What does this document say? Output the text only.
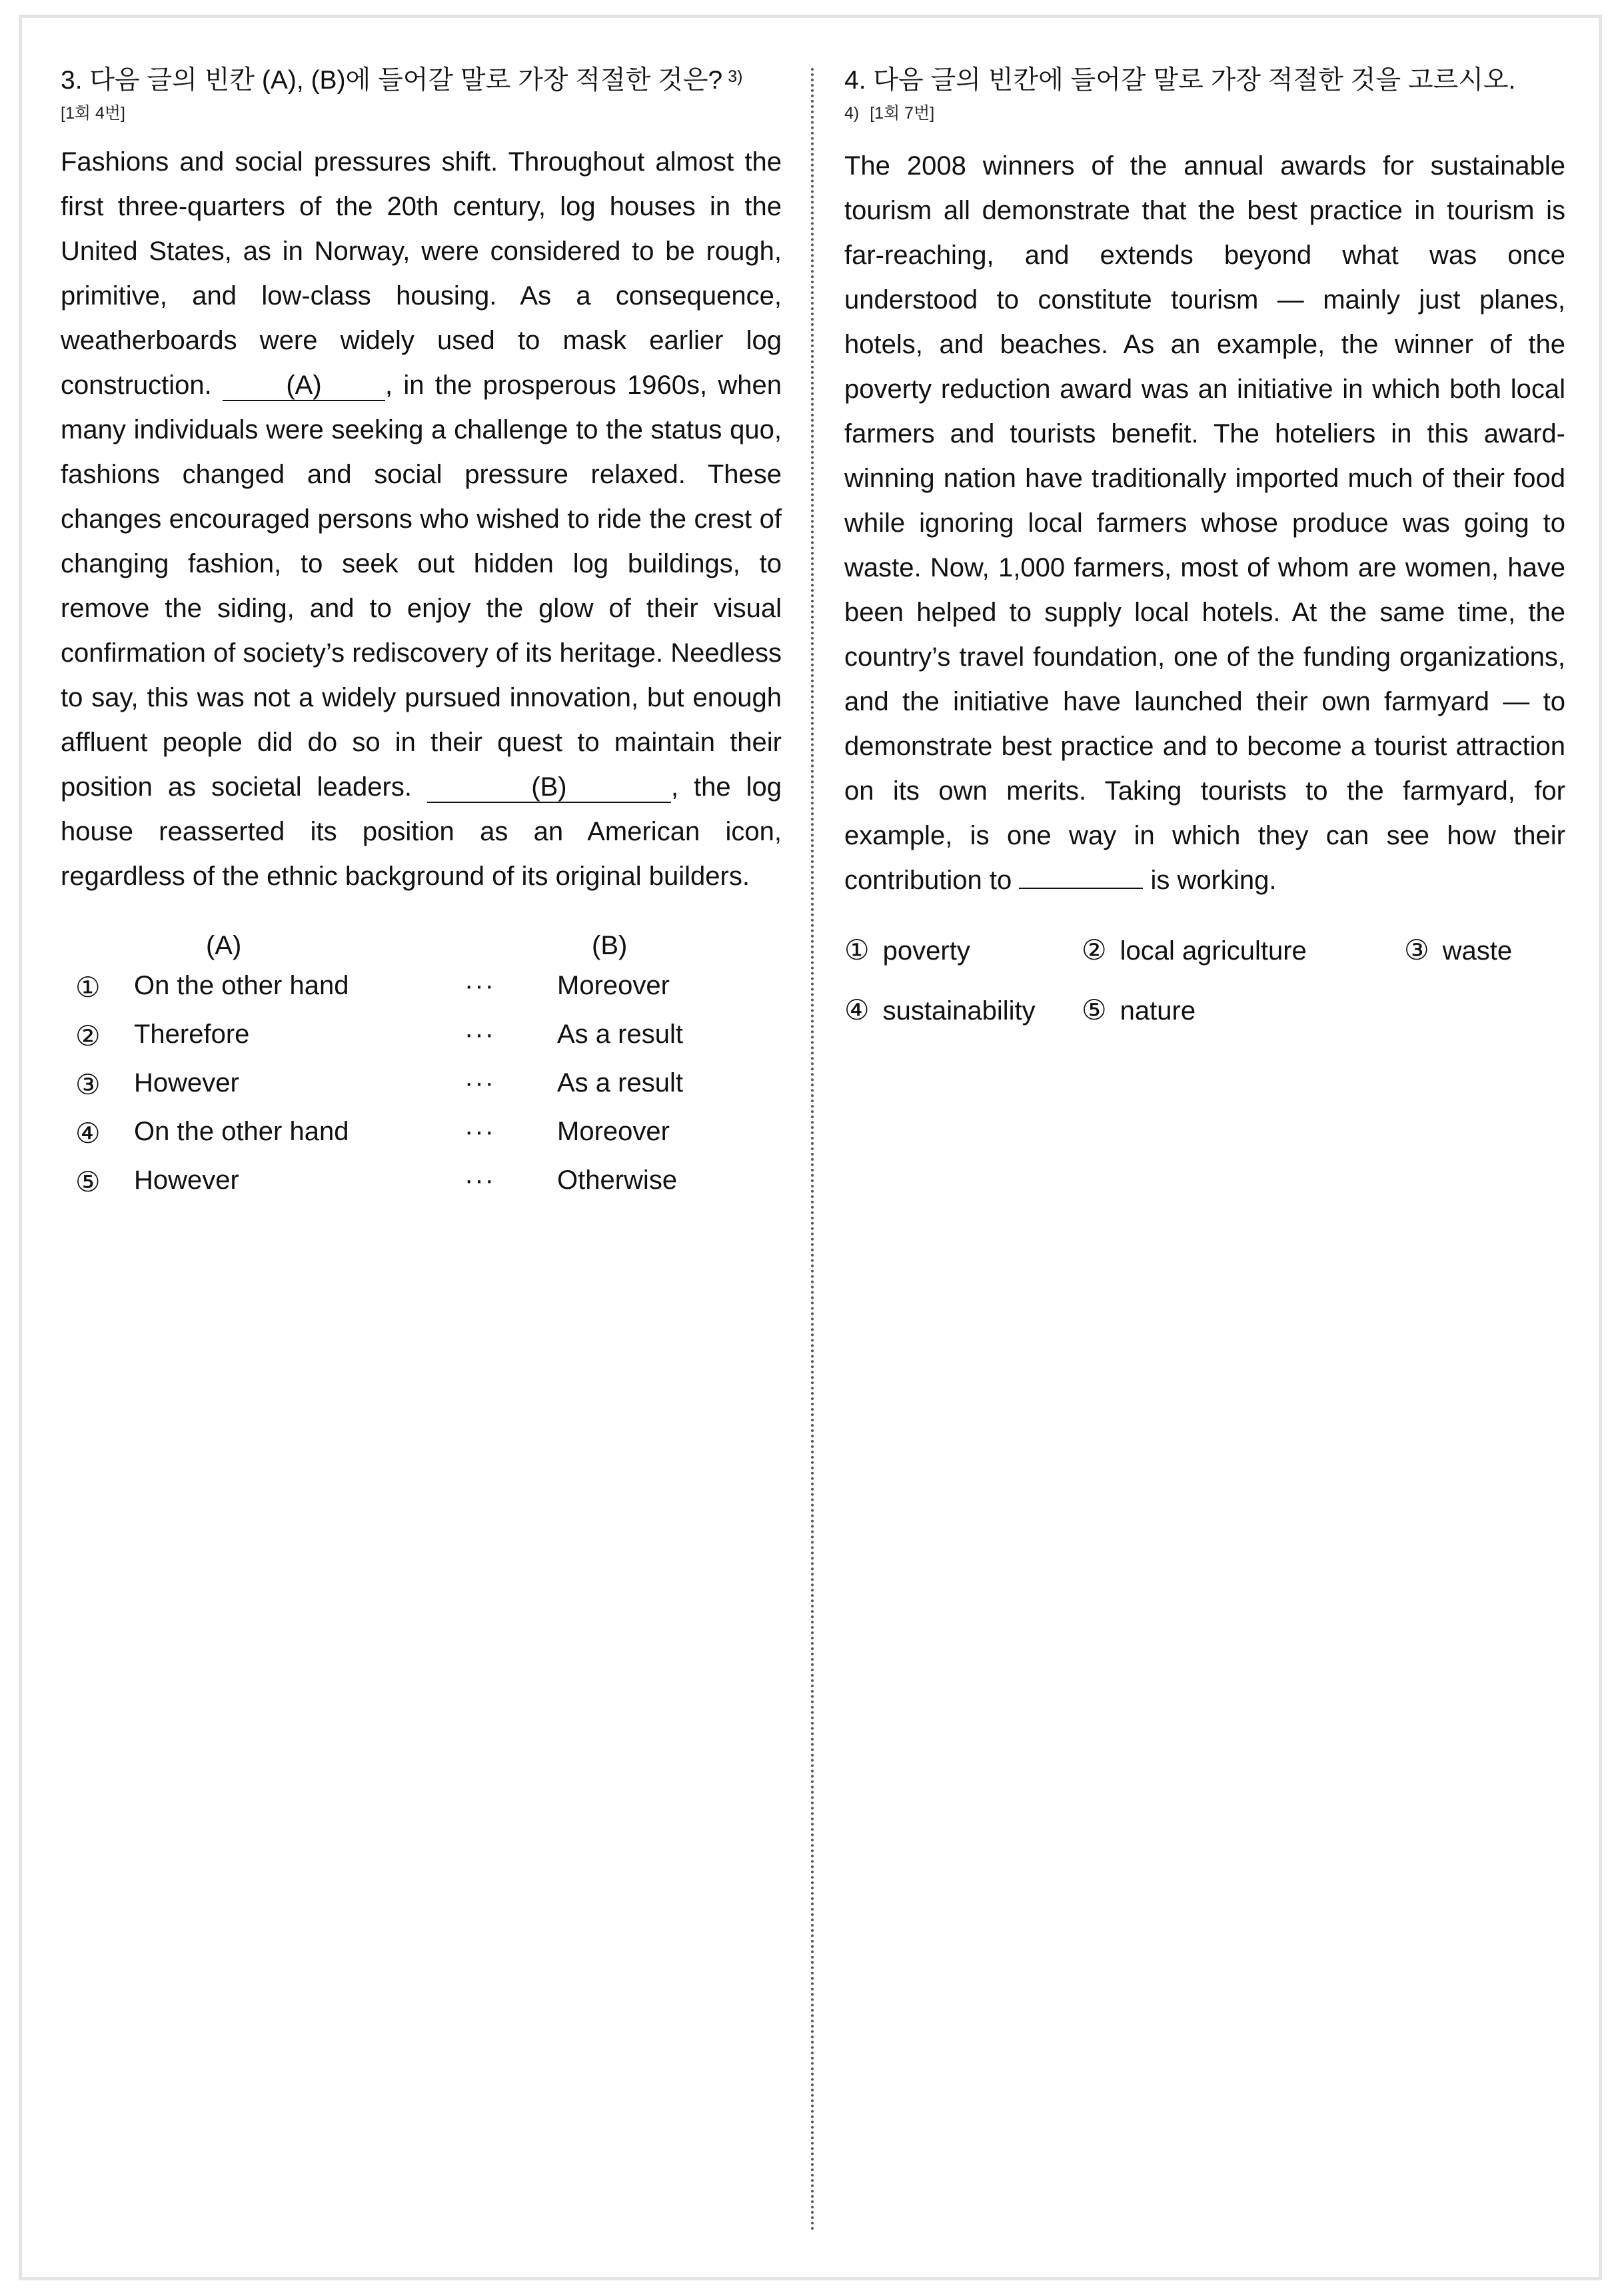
3. 다음 글의 빈칸 (A), (B)에 들어갈 말로 가장 적절한 것은? $^{3)}$
[1회 4번]
Fashions and social pressures shift. Throughout almost the first three-quarters of the 20th century, log houses in the United States, as in Norway, were considered to be rough, primitive, and low-class housing. As a consequence, weatherboards were widely used to mask earlier log construction. (A) , in the prosperous 1960s, when many individuals were seeking a challenge to the status quo, fashions changed and social pressure relaxed. These changes encouraged persons who wished to ride the crest of changing fashion, to seek out hidden log buildings, to remove the siding, and to enjoy the glow of their visual confirmation of society’s rediscovery of its heritage. Needless to say, this was not a widely pursued innovation, but enough affluent people did do so in their quest to maintain their position as societal leaders.	(B)	, the log house reasserted its position as an American icon, regardless of the ethnic background of its original builders.
(A)	(B)
① On the other hand	··· Moreover
② Therefore	··· As a result
③ However	··· As a result
④ On the other hand	··· Moreover
⑤ However	··· Otherwise
4. 다음 글의 빈칸에 들어갈 말로 가장 적절한 것을 고르시오.
4) [1회 7번]
The 2008 winners of the annual awards for sustainable tourism all demonstrate that the best practice in tourism is far-reaching, and extends beyond what was once understood to constitute tourism — mainly just planes, hotels, and beaches. As an example, the winner of the poverty reduction award was an initiative in which both local farmers and tourists benefit. The hoteliers in this award-winning nation have traditionally imported much of their food while ignoring local farmers whose produce was going to waste. Now, 1,000 farmers, most of whom are women, have been helped to supply local hotels. At the same time, the country’s travel foundation, one of the funding organizations, and the initiative have launched their own farmyard — to demonstrate best practice and to become a tourist attraction on its own merits. Taking tourists to the farmyard, for example, is one way in which they can see how their contribution to	is working.
① poverty	② local agriculture	③ waste
④ sustainability ⑤ nature
